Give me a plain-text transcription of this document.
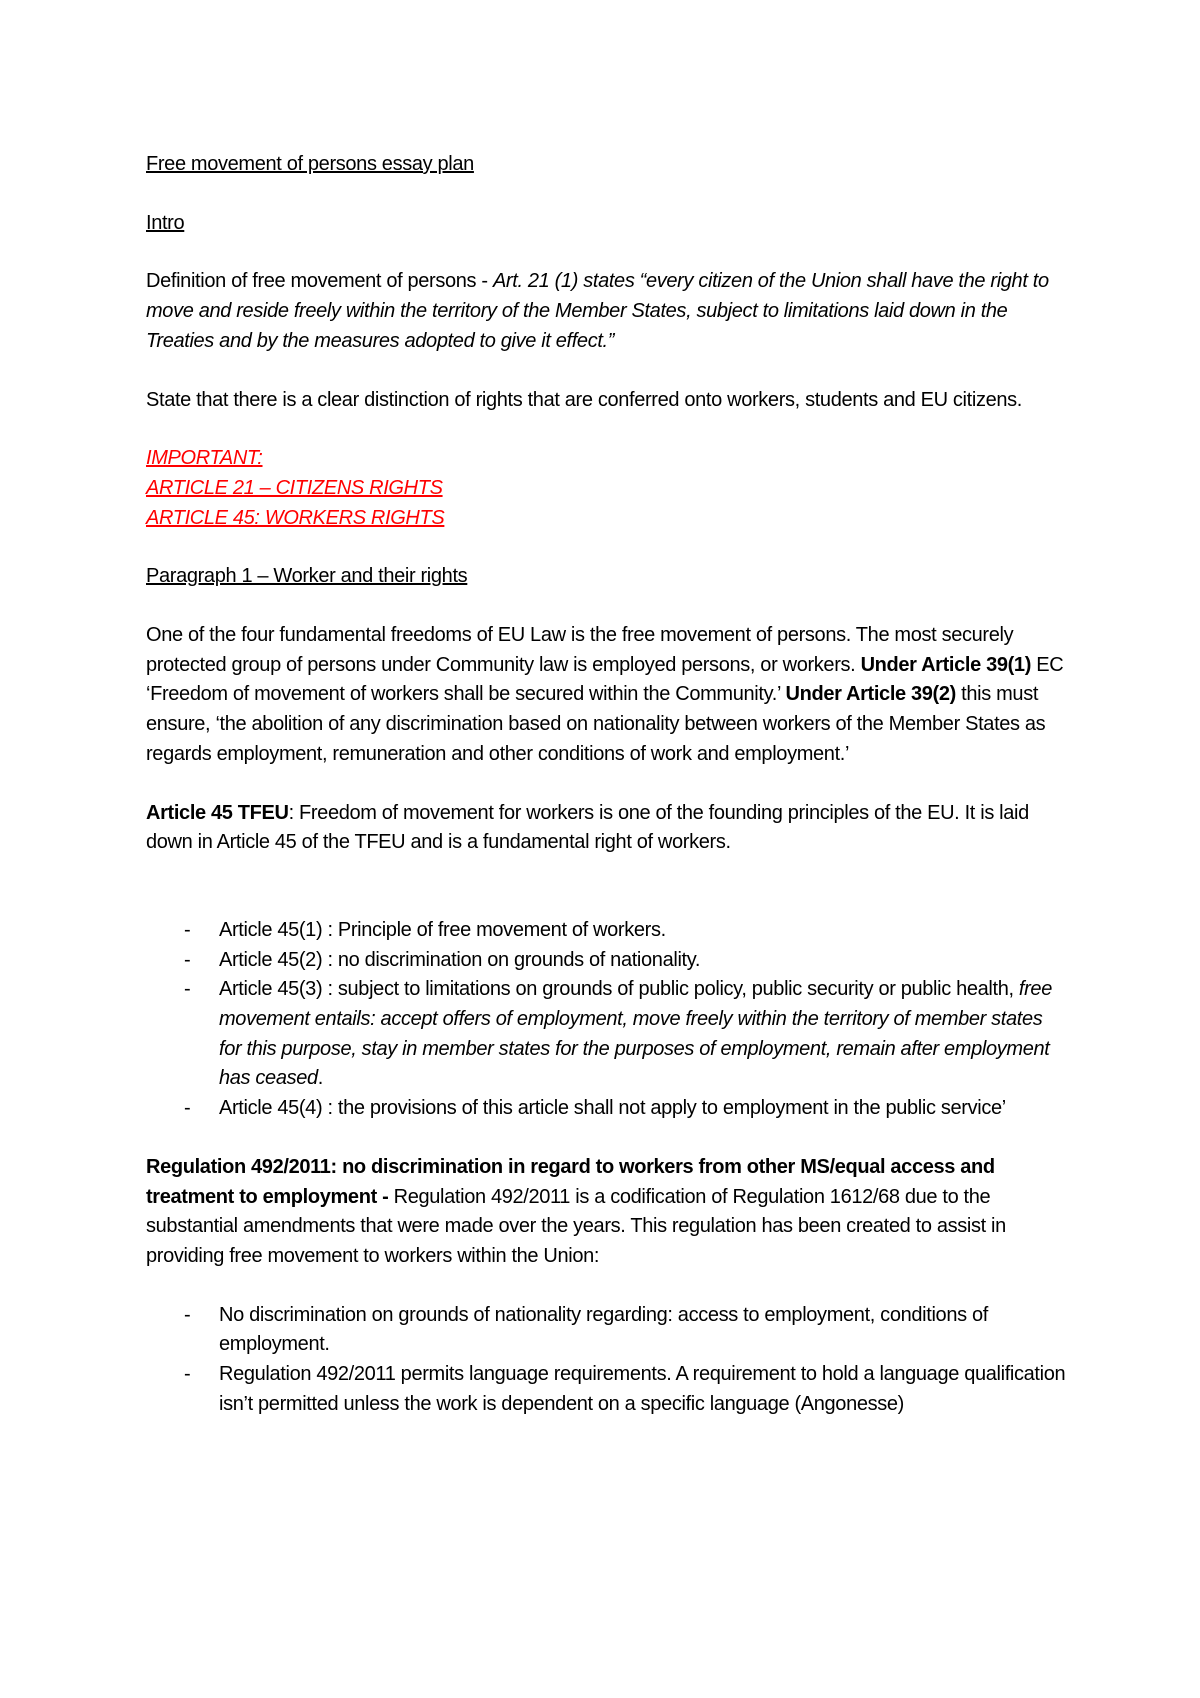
Free movement of persons essay plan

Intro

Definition of free movement of persons - Art. 21 (1) states “every citizen of the Union shall have the right to move and reside freely within the territory of the Member States, subject to limitations laid down in the Treaties and by the measures adopted to give it effect.”

State that there is a clear distinction of rights that are conferred onto workers, students and EU citizens.

IMPORTANT:

ARTICLE 21 – CITIZENS RIGHTS

ARTICLE 45: WORKERS RIGHTS

Paragraph 1 – Worker and their rights

One of the four fundamental freedoms of EU Law is the free movement of persons. The most securely protected group of persons under Community law is employed persons, or workers. Under Article 39(1) EC ‘Freedom of movement of workers shall be secured within the Community.’ Under Article 39(2) this must ensure, ‘the abolition of any discrimination based on nationality between workers of the Member States as regards employment, remuneration and other conditions of work and employment.’

Article 45 TFEU: Freedom of movement for workers is one of the founding principles of the EU. It is laid down in Article 45 of the TFEU and is a fundamental right of workers.

- Article 45(1) : Principle of free movement of workers.
- Article 45(2) : no discrimination on grounds of nationality.
- Article 45(3) : subject to limitations on grounds of public policy, public security or public health, free movement entails: accept offers of employment, move freely within the territory of member states for this purpose, stay in member states for the purposes of employment, remain after employment has ceased.
- Article 45(4) : the provisions of this article shall not apply to employment in the public service’

Regulation 492/2011: no discrimination in regard to workers from other MS/equal access and treatment to employment - Regulation 492/2011 is a codification of Regulation 1612/68 due to the substantial amendments that were made over the years. This regulation has been created to assist in providing free movement to workers within the Union:

- No discrimination on grounds of nationality regarding: access to employment, conditions of employment.
- Regulation 492/2011 permits language requirements. A requirement to hold a language qualification isn’t permitted unless the work is dependent on a specific language (Angonesse)
